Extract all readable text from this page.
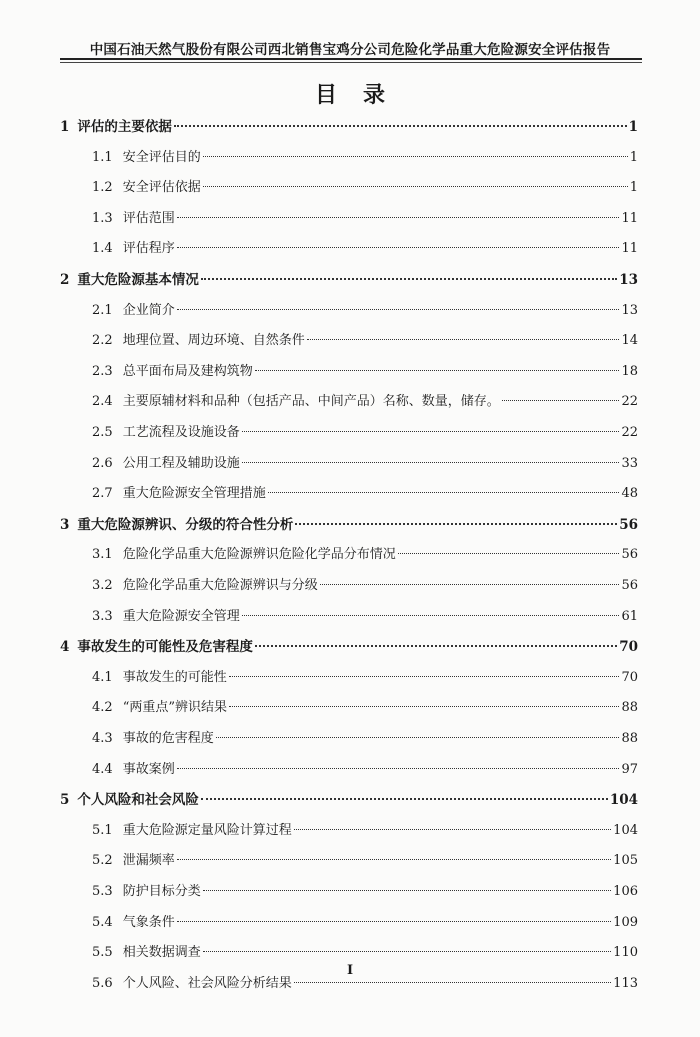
中国石油天然气股份有限公司西北销售宝鸡分公司危险化学品重大危险源安全评估报告
目录
1 评估的主要依据	1
1.1 安全评估目的	1
1.2 安全评估依据	1
1.3 评估范围	11
1.4 评估程序	11
2 重大危险源基本情况	13
2.1 企业简介	13
2.2 地理位置、周边环境、自然条件	14
2.3 总平面布局及建构筑物	18
2.4 主要原辅材料和品种（包括产品、中间产品）名称、数量，储存。	22
2.5 工艺流程及设施设备	22
2.6 公用工程及辅助设施	33
2.7 重大危险源安全管理措施	48
3 重大危险源辨识、分级的符合性分析	56
3.1 危险化学品重大危险源辨识危险化学品分布情况	56
3.2 危险化学品重大危险源辨识与分级	56
3.3 重大危险源安全管理	61
4 事故发生的可能性及危害程度	70
4.1 事故发生的可能性	70
4.2 “两重点”辨识结果	88
4.3 事故的危害程度	88
4.4 事故案例	97
5 个人风险和社会风险	104
5.1 重大危险源定量风险计算过程	104
5.2 泄漏频率	105
5.3 防护目标分类	106
5.4 气象条件	109
5.5 相关数据调查	110
5.6 个人风险、社会风险分析结果	113
I
